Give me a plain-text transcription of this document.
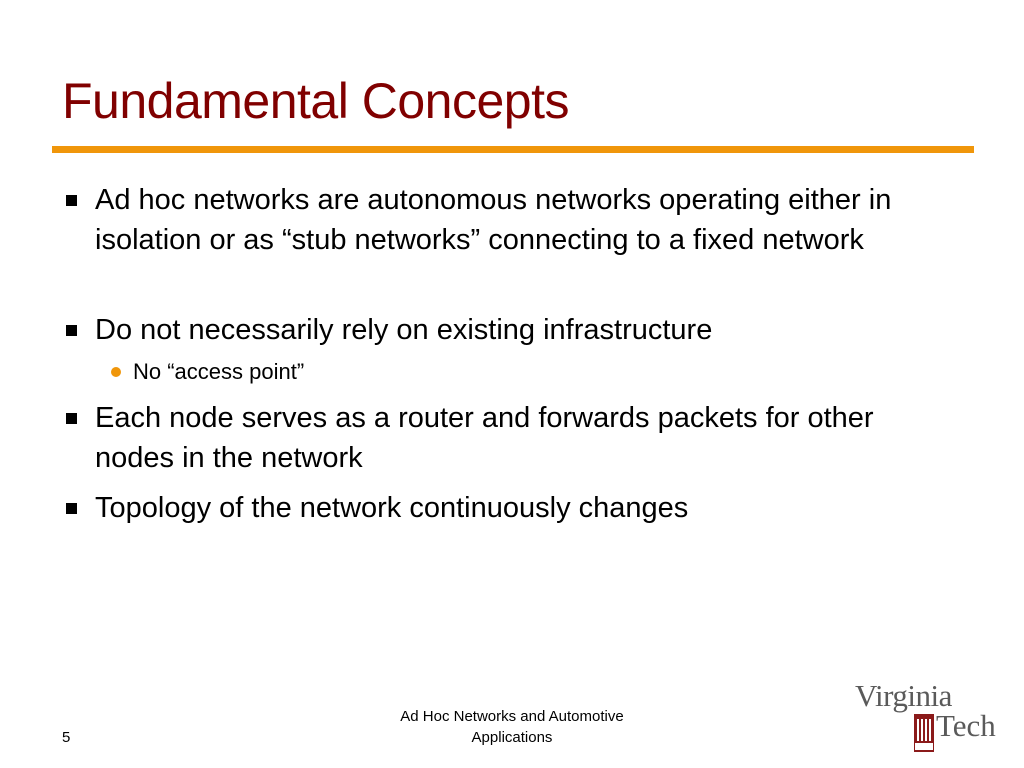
Fundamental Concepts
Ad hoc networks are autonomous networks operating either in isolation or as “stub networks” connecting to a fixed network
Do not necessarily rely on existing infrastructure
No “access point”
Each node serves as a router and forwards packets for other nodes in the network
Topology of the network continuously changes
Ad Hoc Networks and Automotive
Applications
5
Virginia
Tech
